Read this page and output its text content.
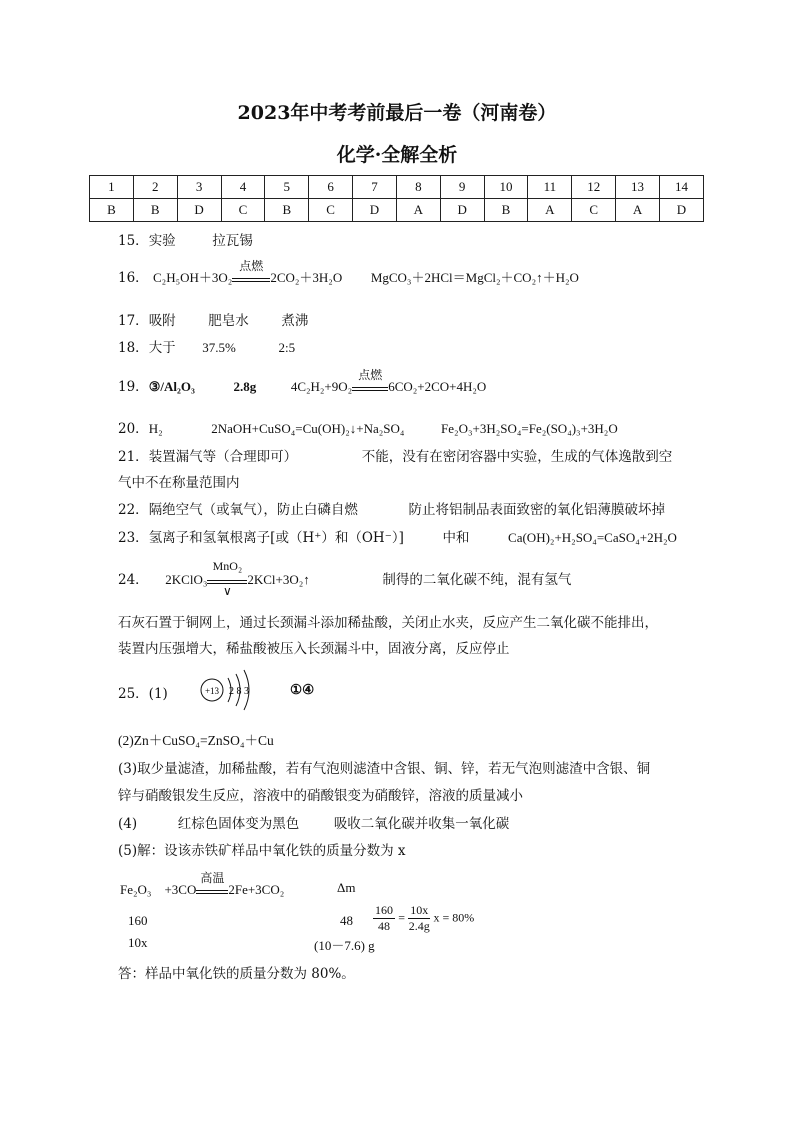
2023年中考考前最后一卷（河南卷）
化学·全解全析
1	2	3	4	5	6	7	8	9	10	11	12	13	14
B	B	D	C	B	C	D	A	D	B	A	C	A	D
15．实验	拉瓦锡
16． C₂H₅OH＋3O₂
点燃
2CO₂＋3H₂O MgCO₃＋2HCl＝MgCl₂＋CO₂↑＋H₂O
17．吸附 肥皂水 煮沸
18．大于 37.5%	2:5
19．③/Al₂O₃	2.8g	4C₂H₂+9O₂
点燃
6CO₂+2CO+4H₂O
20．H₂	2NaOH+CuSO₄=Cu(OH)₂↓+Na₂SO₄	Fe₂O₃+3H₂SO₄=Fe₂(SO₄)₃+3H₂O
21．装置漏气等（合理即可）	不能，没有在密闭容器中实验，生成的气体逸散到空
气中不在称量范围内
22．隔绝空气（或氧气），防止白磷自燃	防止将铝制品表面致密的氧化铝薄膜破坏掉
23．氢离子和氢氧根离子[或（H⁺）和（OH⁻）]	中和	Ca(OH)₂+H₂SO₄=CaSO₄+2H₂O
24． 2KClO₃
MnO₂
∨
2KCl+3O₂↑	制得的二氧化碳不纯，混有氢气
石灰石置于铜网上，通过长颈漏斗添加稀盐酸，关闭止水夹，反应产生二氧化碳不能排出，
装置内压强增大，稀盐酸被压入长颈漏斗中，固液分离，反应停止
25．(1)	+13 2 8 3	①④
(2)Zn＋CuSO₄=ZnSO₄＋Cu
(3)取少量滤渣，加稀盐酸，若有气泡则滤渣中含银、铜、锌，若无气泡则滤渣中含银、铜
锌与硝酸银发生反应，溶液中的硝酸银变为硝酸锌，溶液的质量减小
(4)	红棕色固体变为黑色	吸收二氧化碳并收集一氧化碳
(5)解：设该赤铁矿样品中氧化铁的质量分数为 x
Fe₂O₃　+3CO
高温
2Fe+3CO₂	Δm
160
10x
48
(10－7.6) g
$\frac{160}{48} = \frac{10x}{2.4g}$ x = 80%
答：样品中氧化铁的质量分数为 80%。
